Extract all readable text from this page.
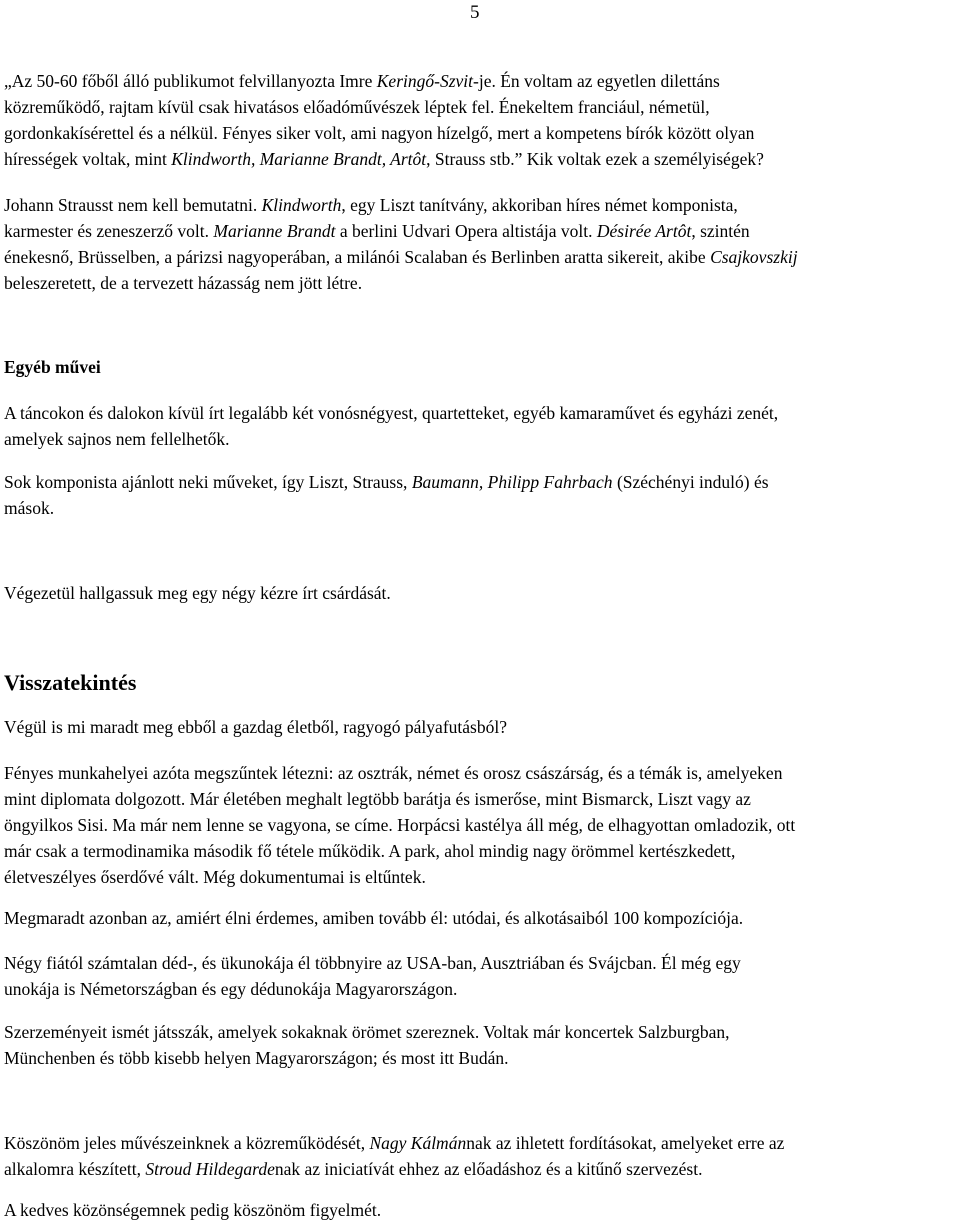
5

„Az 50-60 főből álló publikumot felvillanyozta Imre Keringő-Szvit-je. Én voltam az egyetlen dilettáns
közreműködő, rajtam kívül csak hivatásos előadóművészek léptek fel. Énekeltem franciául, németül,
gordonkakísérettel és a nélkül. Fényes siker volt, ami nagyon hízelgő, mert a kompetens bírók között olyan
hírességek voltak, mint Klindworth, Marianne Brandt, Artôt, Strauss stb.” Kik voltak ezek a személyiségek?

Johann Strausst nem kell bemutatni. Klindworth, egy Liszt tanítvány, akkoriban híres német komponista,
karmester és zeneszerző volt. Marianne Brandt a berlini Udvari Opera altistája volt. Désirée Artôt, szintén
énekesnő, Brüsselben, a párizsi nagyoperában, a milánói Scalaban és Berlinben aratta sikereit, akibe Csajkovszkij
beleszeretett, de a tervezett házasság nem jött létre.

Egyéb művei

A táncokon és dalokon kívül írt legalább két vonósnégyest, quartetteket, egyéb kamaraművet és egyházi zenét,
amelyek sajnos nem fellelhetők.

Sok komponista ajánlott neki műveket, így Liszt, Strauss, Baumann, Philipp Fahrbach (Széchényi induló) és
mások.

Végezetül hallgassuk meg egy négy kézre írt csárdását.

Visszatekintés

Végül is mi maradt meg ebből a gazdag életből, ragyogó pályafutásból?

Fényes munkahelyei azóta megszűntek létezni: az osztrák, német és orosz császárság, és a témák is, amelyeken
mint diplomata dolgozott. Már életében meghalt legtöbb barátja és ismerőse, mint Bismarck, Liszt vagy az
öngyilkos Sisi. Ma már nem lenne se vagyona, se címe. Horpácsi kastélya áll még, de elhagyottan omladozik, ott
már csak a termodinamika második fő tétele működik. A park, ahol mindig nagy örömmel kertészkedett,
életveszélyes őserdővé vált. Még dokumentumai is eltűntek.

Megmaradt azonban az, amiért élni érdemes, amiben tovább él: utódai, és alkotásaiból 100 kompozíciója.

Négy fiától számtalan déd-, és ükunokája él többnyire az USA-ban, Ausztriában és Svájcban. Él még egy
unokája is Németországban és egy dédunokája Magyarországon.

Szerzeményeit ismét játsszák, amelyek sokaknak örömet szereznek. Voltak már koncertek Salzburgban,
Münchenben és több kisebb helyen Magyarországon; és most itt Budán.

Köszönöm jeles művészeinknek a közreműködését, Nagy Kálmánnak az ihletett fordításokat, amelyeket erre az
alkalomra készített, Stroud Hildegardenak az iniciatívát ehhez az előadáshoz és a kitűnő szervezést.

A kedves közönségemnek pedig köszönöm figyelmét.
